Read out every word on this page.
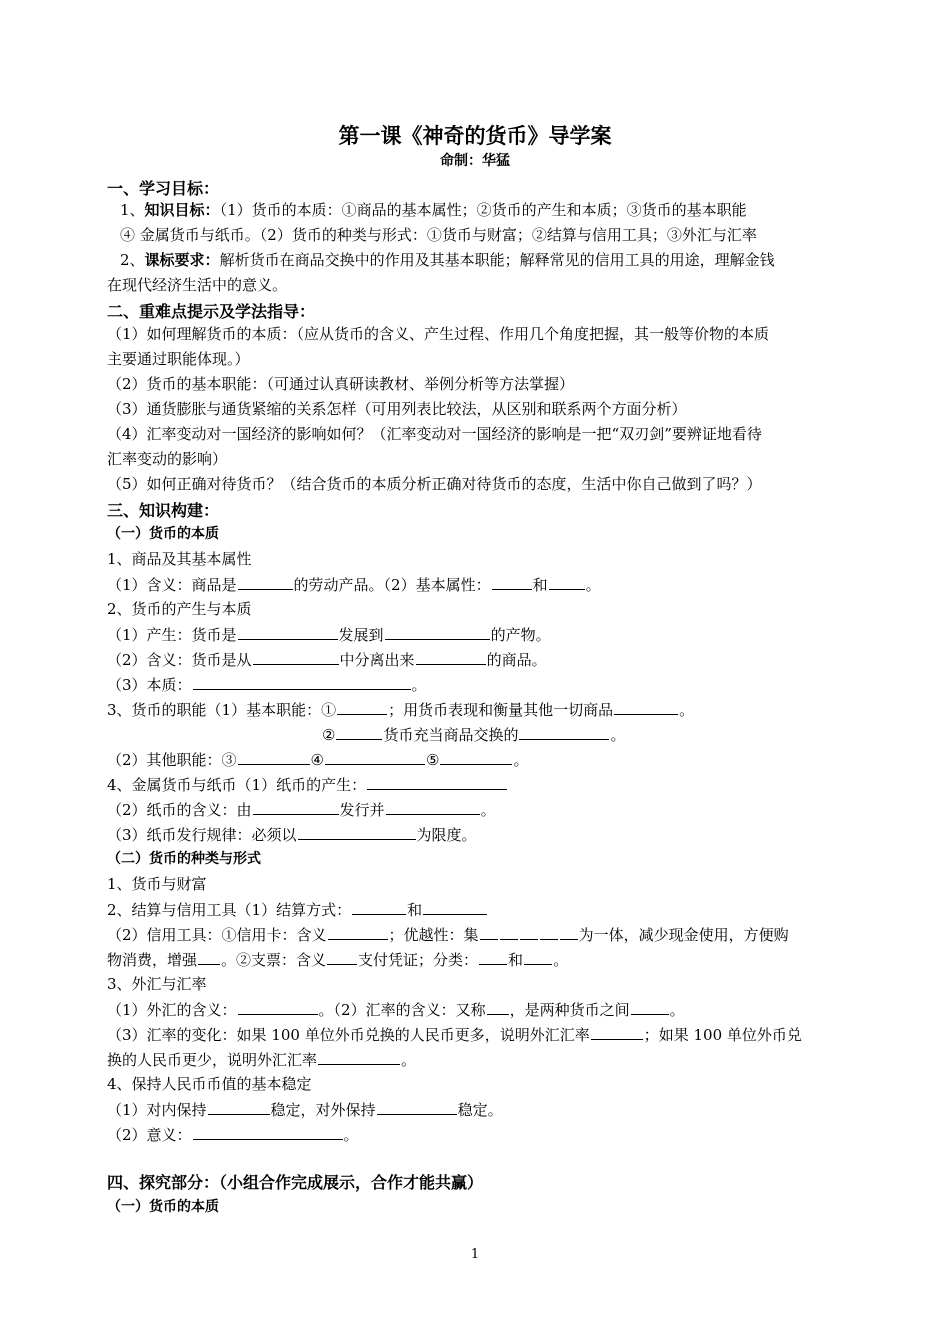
第一课《神奇的货币》导学案
命制：华猛
一、学习目标：
1、知识目标：（1）货币的本质：①商品的基本属性；②货币的产生和本质；③货币的基本职能
④ 金属货币与纸币。（2）货币的种类与形式：①货币与财富；②结算与信用工具；③外汇与汇率
2、课标要求：解析货币在商品交换中的作用及其基本职能；解释常见的信用工具的用途，理解金钱
在现代经济生活中的意义。
二、重难点提示及学法指导：
（1）如何理解货币的本质：（应从货币的含义、产生过程、作用几个角度把握，其一般等价物的本质
主要通过职能体现。）
（2）货币的基本职能：（可通过认真研读教材、举例分析等方法掌握）
（3）通货膨胀与通货紧缩的关系怎样（可用列表比较法，从区别和联系两个方面分析）
（4）汇率变动对一国经济的影响如何？（汇率变动对一国经济的影响是一把“双刃剑”要辨证地看待
汇率变动的影响）
（5）如何正确对待货币？（结合货币的本质分析正确对待货币的态度，生活中你自己做到了吗？）
三、知识构建：
（一）货币的本质
1、商品及其基本属性
（1）含义：商品是	的劳动产品。（2）基本属性：	和	。
2、货币的产生与本质
（1）产生：货币是	发展到	的产物。
（2）含义：货币是从	中分离出来	的商品。
（3）本质：	。
3、货币的职能（1）基本职能：①	；用货币表现和衡量其他一切商品	。
②	货币充当商品交换的	。
（2）其他职能：③	④	⑤	。
4、金属货币与纸币（1）纸币的产生：
（2）纸币的含义：由	发行并	。
（3）纸币发行规律：必须以	为限度。
（二）货币的种类与形式
1、货币与财富
2、结算与信用工具（1）结算方式：	和
（2）信用工具：①信用卡：含义	；优越性：集	为一体，减少现金使用，方便购
物消费，增强 。②支票：含义 支付凭证；分类： 和 。
3、外汇与汇率
（1）外汇的含义：	。（2）汇率的含义：又称 ，是两种货币之间	。
（3）汇率的变化：如果 100 单位外币兑换的人民币更多，说明外汇汇率	；如果 100 单位外币兑
换的人民币更少，说明外汇汇率	。
4、保持人民币币值的基本稳定
（1）对内保持	稳定，对外保持	稳定。
（2）意义：	。
四、探究部分：（小组合作完成展示，合作才能共赢）
（一）货币的本质
1
